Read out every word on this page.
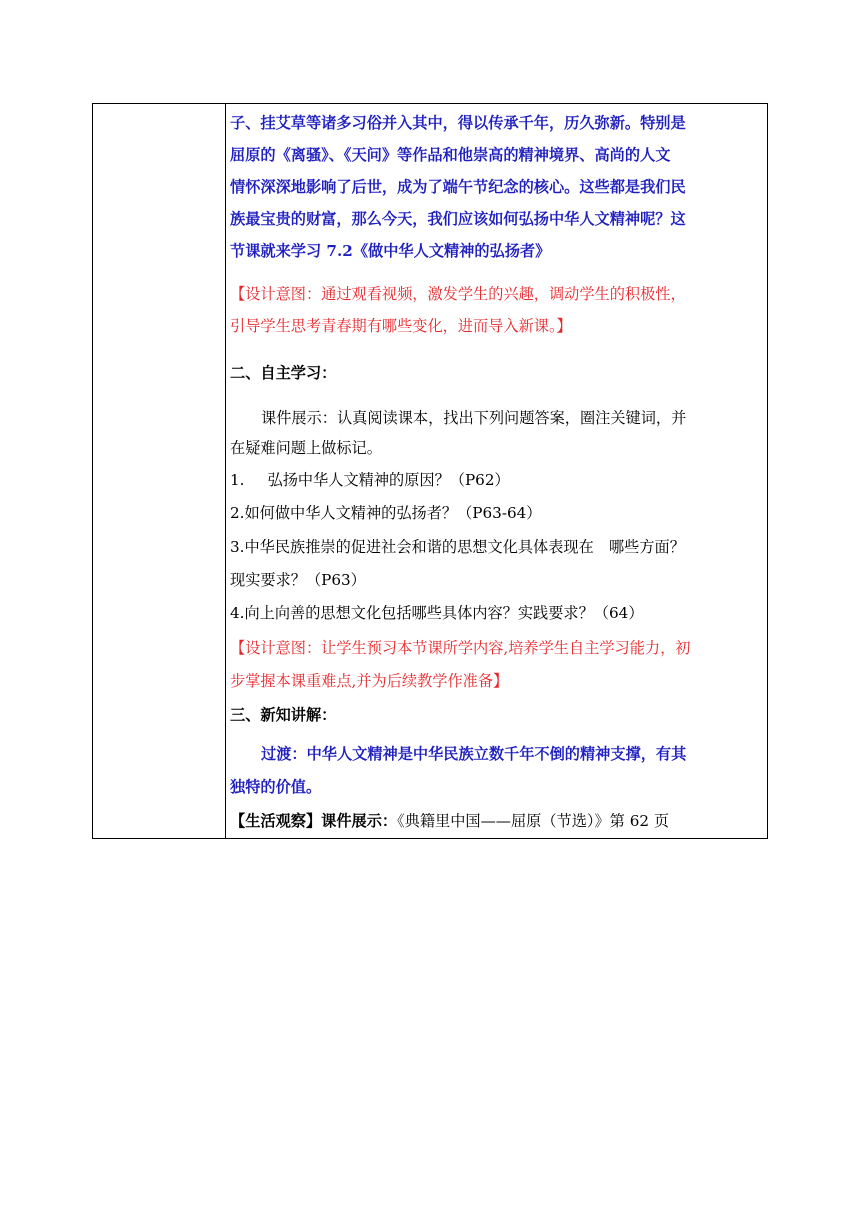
子、挂艾草等诸多习俗并入其中，得以传承千年，历久弥新。特别是
屈原的《离骚》、《天问》等作品和他崇高的精神境界、高尚的人文
情怀深深地影响了后世，成为了端午节纪念的核心。这些都是我们民
族最宝贵的财富，那么今天，我们应该如何弘扬中华人文精神呢？这
节课就来学习 7.2《做中华人文精神的弘扬者》
【设计意图：通过观看视频，激发学生的兴趣，调动学生的积极性，
引导学生思考青春期有哪些变化，进而导入新课。】
二、自主学习：
课件展示：认真阅读课本，找出下列问题答案，圈注关键词，并
在疑难问题上做标记。
1. 弘扬中华人文精神的原因？（P62）
2.如何做中华人文精神的弘扬者？（P63-64）
3.中华民族推崇的促进社会和谐的思想文化具体表现在　哪些方面？
现实要求？（P63）
4.向上向善的思想文化包括哪些具体内容？实践要求？（64）
【设计意图：让学生预习本节课所学内容,培养学生自主学习能力，初
步掌握本课重难点,并为后续教学作准备】
三、新知讲解：
过渡：中华人文精神是中华民族立数千年不倒的精神支撑，有其
独特的价值。
【生活观察】课件展示：《典籍里中国——屈原（节选）》第 62 页
